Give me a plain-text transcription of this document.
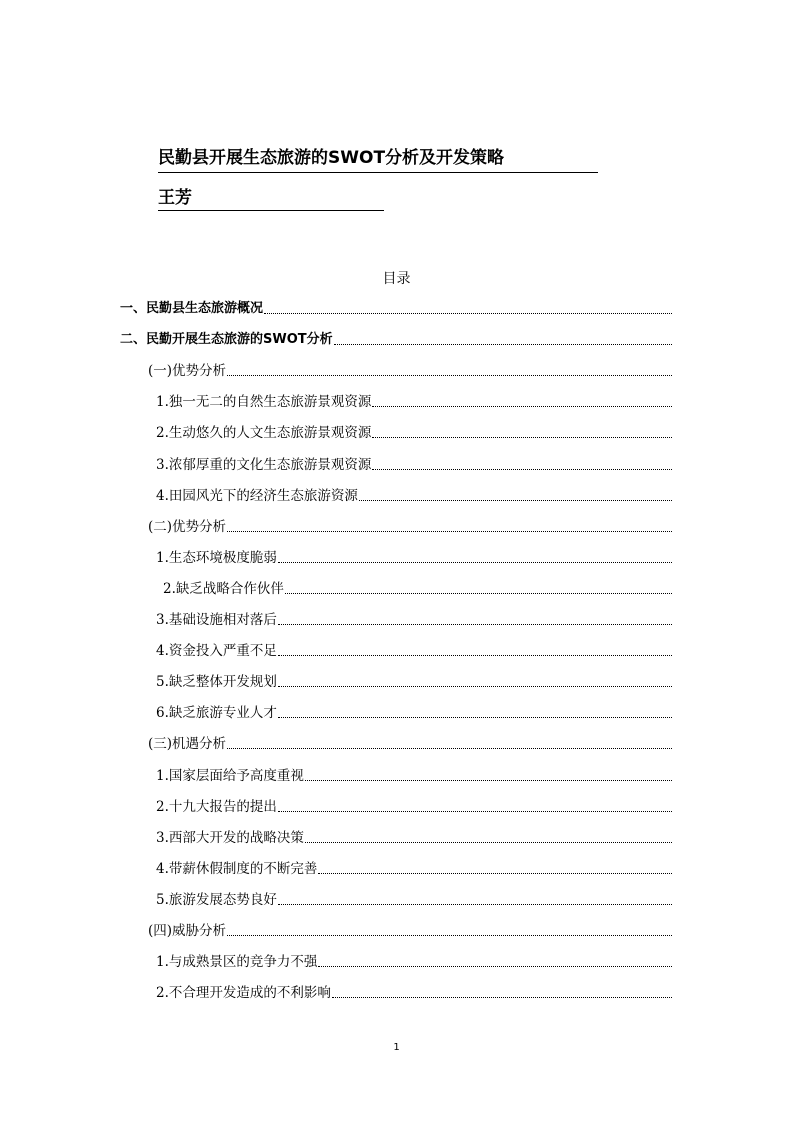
民勤县开展生态旅游的SWOT分析及开发策略
王芳
目录
一、民勤县生态旅游概况
二、民勤开展生态旅游的SWOT分析
(一)优势分析
1.独一无二的自然生态旅游景观资源
2.生动悠久的人文生态旅游景观资源
3.浓郁厚重的文化生态旅游景观资源
4.田园风光下的经济生态旅游资源
(二)优势分析
1.生态环境极度脆弱
2.缺乏战略合作伙伴
3.基础设施相对落后
4.资金投入严重不足
5.缺乏整体开发规划
6.缺乏旅游专业人才
(三)机遇分析
1.国家层面给予高度重视
2.十九大报告的提出
3.西部大开发的战略决策
4.带薪休假制度的不断完善
5.旅游发展态势良好
(四)威胁分析
1.与成熟景区的竞争力不强
2.不合理开发造成的不利影响
1
